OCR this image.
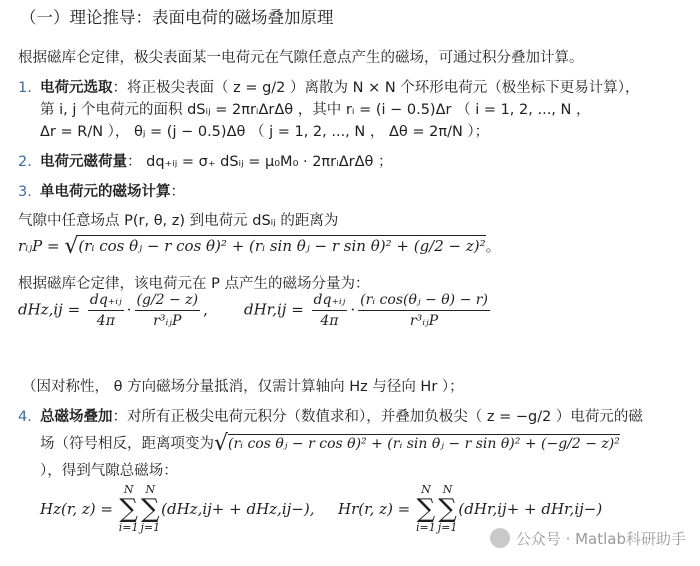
（一）理论推导：表面电荷的磁场叠加原理
根据磁库仑定律，极尖表面某一电荷元在气隙任意点产生的磁场，可通过积分叠加计算。
1. 电荷元选取：将正极尖表面（ z = g/2 ）离散为 N × N 个环形电荷元（极坐标下更易计算），
第 i, j 个电荷元的面积 dSᵢⱼ = 2πrᵢΔrΔθ ，其中 rᵢ = (i − 0.5)Δr （ i = 1, 2, ..., N ，
Δr = R/N ）， θⱼ = (j − 0.5)Δθ （ j = 1, 2, ..., N ， Δθ = 2π/N ）；
2. 电荷元磁荷量： dq₊ᵢⱼ = σ₊ dSᵢⱼ = μ₀M₀ · 2πrᵢΔrΔθ ；
3. 单电荷元的磁场计算：
气隙中任意场点 P(r, θ, z) 到电荷元 dSᵢⱼ 的距离为
rᵢⱼP = √(rᵢ cos θⱼ − r cos θ)² + (rᵢ sin θⱼ − r sin θ)² + (g/2 − z)²。
根据磁库仑定律，该电荷元在 P 点产生的磁场分量为：
$dHz,ij = \frac{\text{dq₊ᵢⱼ}}{4\pi} \cdot \frac{(g/2 - z)}{\text{r³ᵢⱼP}}$ , $dHr,ij = \frac{\text{dq₊ᵢⱼ}}{4\pi} \cdot \frac{\text{(rᵢ cos(θⱼ − θ) − r)}}{\text{r³ᵢⱼP}}$
（因对称性， θ 方向磁场分量抵消，仅需计算轴向 Hz 与径向 Hr ）；
4. 总磁场叠加：对所有正极尖电荷元积分（数值求和），并叠加负极尖（ z = −g/2 ）电荷元的磁
场（符号相反，距离项变为√(rᵢ cos θⱼ − r cos θ)² + (rᵢ sin θⱼ − r sin θ)² + (−g/2 − z)²
），得到气隙总磁场：
Hz(r, z) =
N
∑
i=1
N
∑
j=1
(dHz,ij+ + dHz,ij−), Hr(r, z) =
N
∑
i=1
N
∑
j=1
(dHr,ij+ + dHr,ij−)
公众号 · Matlab科研助手
